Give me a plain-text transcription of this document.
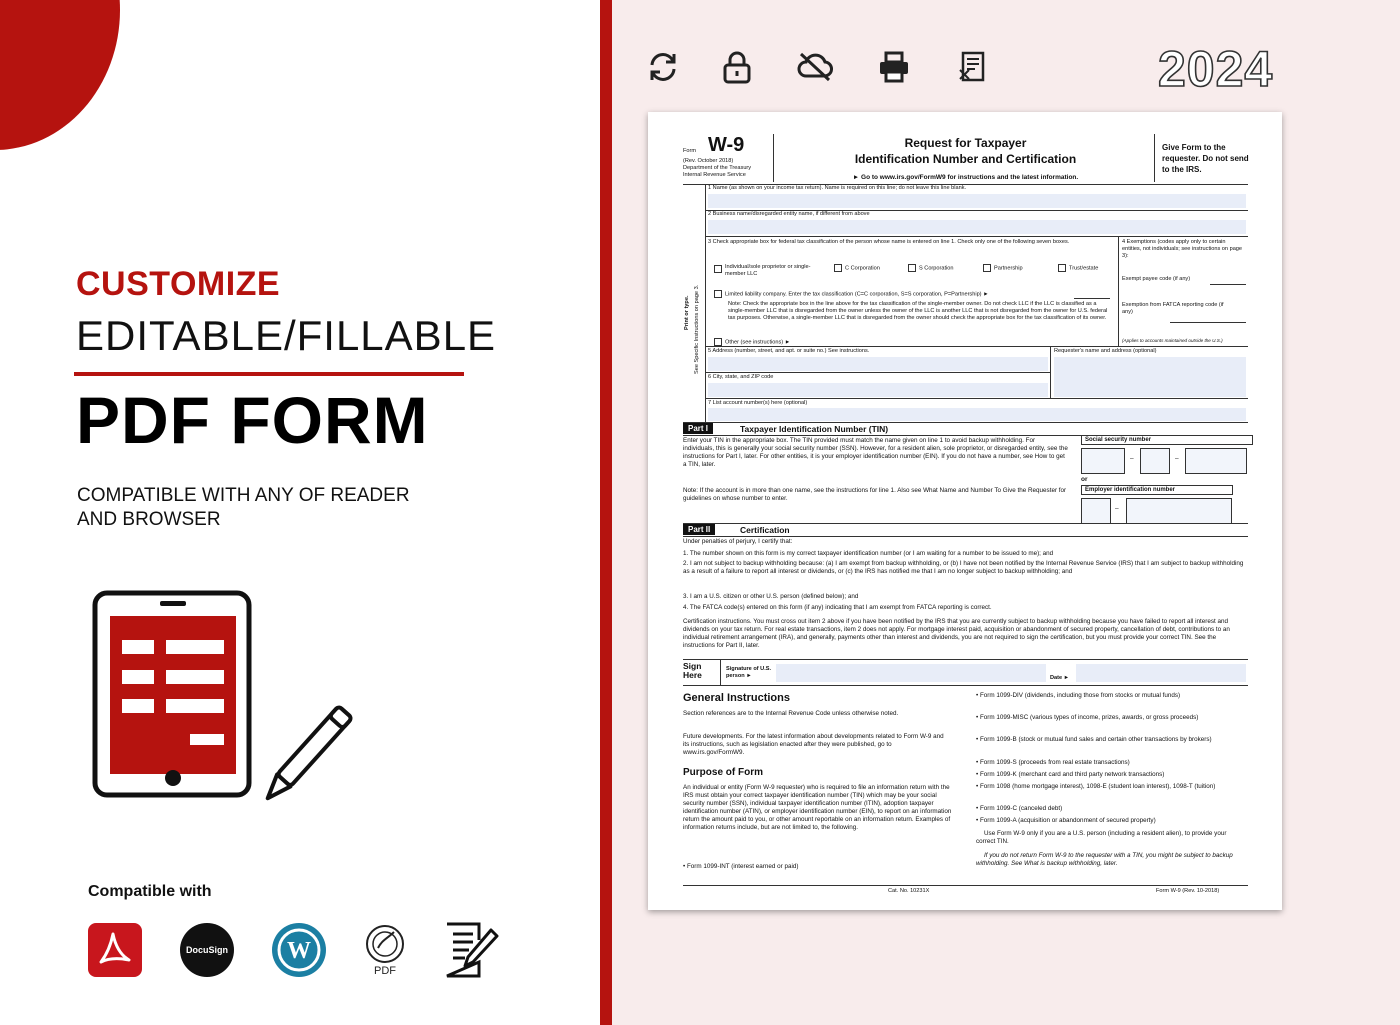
CUSTOMIZE
EDITABLE/FILLABLE
PDF FORM
COMPATIBLE WITH ANY OF READER AND BROWSER
Compatible with
DocuSign W
PDF
2024
Form W-9
(Rev. October 2018)
Department of the Treasury
Internal Revenue Service
Request for Taxpayer
Identification Number and Certification
► Go to www.irs.gov/FormW9 for instructions and the latest information.
Give Form to the requester. Do not send to the IRS.
Print or type. See Specific Instructions on page 3.
1 Name (as shown on your income tax return). Name is required on this line; do not leave this line blank.
2 Business name/disregarded entity name, if different from above
3 Check appropriate box for federal tax classification of the person whose name is entered on line 1. Check only one of the following seven boxes.
Individual/sole proprietor or single-member LLC
C Corporation	S Corporation	Partnership	Trust/estate
Limited liability company. Enter the tax classification (C=C corporation, S=S corporation, P=Partnership) ►
Note: Check the appropriate box in the line above for the tax classification of the single-member owner. Do not check LLC if the LLC is classified as a single-member LLC that is disregarded from the owner unless the owner of the LLC is another LLC that is not disregarded from the owner for U.S. federal tax purposes. Otherwise, a single-member LLC that is disregarded from the owner should check the appropriate box for the tax classification of its owner.
Other (see instructions) ►
4 Exemptions (codes apply only to certain entities, not individuals; see instructions on page 3):
Exempt payee code (if any)
Exemption from FATCA reporting code (if any)
(Applies to accounts maintained outside the U.S.)
5 Address (number, street, and apt. or suite no.) See instructions.	Requester's name and address (optional)
6 City, state, and ZIP code
7 List account number(s) here (optional)
Part I	Taxpayer Identification Number (TIN)
Enter your TIN in the appropriate box. The TIN provided must match the name given on line 1 to avoid backup withholding. For individuals, this is generally your social security number (SSN). However, for a resident alien, sole proprietor, or disregarded entity, see the instructions for Part I, later. For other entities, it is your employer identification number (EIN). If you do not have a number, see How to get a TIN, later.
Note: If the account is in more than one name, see the instructions for line 1. Also see What Name and Number To Give the Requester for guidelines on whose number to enter.
Social security number
–	–
or
Employer identification number
–
Part II	Certification
Under penalties of perjury, I certify that:
1. The number shown on this form is my correct taxpayer identification number (or I am waiting for a number to be issued to me); and
2. I am not subject to backup withholding because: (a) I am exempt from backup withholding, or (b) I have not been notified by the Internal Revenue Service (IRS) that I am subject to backup withholding as a result of a failure to report all interest or dividends, or (c) the IRS has notified me that I am no longer subject to backup withholding; and
3. I am a U.S. citizen or other U.S. person (defined below); and
4. The FATCA code(s) entered on this form (if any) indicating that I am exempt from FATCA reporting is correct.
Certification instructions. You must cross out item 2 above if you have been notified by the IRS that you are currently subject to backup withholding because you have failed to report all interest and dividends on your tax return. For real estate transactions, item 2 does not apply. For mortgage interest paid, acquisition or abandonment of secured property, cancellation of debt, contributions to an individual retirement arrangement (IRA), and generally, payments other than interest and dividends, you are not required to sign the certification, but you must provide your correct TIN. See the instructions for Part II, later.
Sign Here
Signature of U.S. person ►	Date ►
General Instructions
Section references are to the Internal Revenue Code unless otherwise noted.
Future developments. For the latest information about developments related to Form W-9 and its instructions, such as legislation enacted after they were published, go to www.irs.gov/FormW9.
Purpose of Form
An individual or entity (Form W-9 requester) who is required to file an information return with the IRS must obtain your correct taxpayer identification number (TIN) which may be your social security number (SSN), individual taxpayer identification number (ITIN), adoption taxpayer identification number (ATIN), or employer identification number (EIN), to report on an information return the amount paid to you, or other amount reportable on an information return. Examples of information returns include, but are not limited to, the following.
• Form 1099-INT (interest earned or paid)
• Form 1099-DIV (dividends, including those from stocks or mutual funds)
• Form 1099-MISC (various types of income, prizes, awards, or gross proceeds)
• Form 1099-B (stock or mutual fund sales and certain other transactions by brokers)
• Form 1099-S (proceeds from real estate transactions)
• Form 1099-K (merchant card and third party network transactions)
• Form 1098 (home mortgage interest), 1098-E (student loan interest), 1098-T (tuition)
• Form 1099-C (canceled debt)
• Form 1099-A (acquisition or abandonment of secured property)
Use Form W-9 only if you are a U.S. person (including a resident alien), to provide your correct TIN.
If you do not return Form W-9 to the requester with a TIN, you might be subject to backup withholding. See What is backup withholding, later.
Cat. No. 10231X	Form W-9 (Rev. 10-2018)
